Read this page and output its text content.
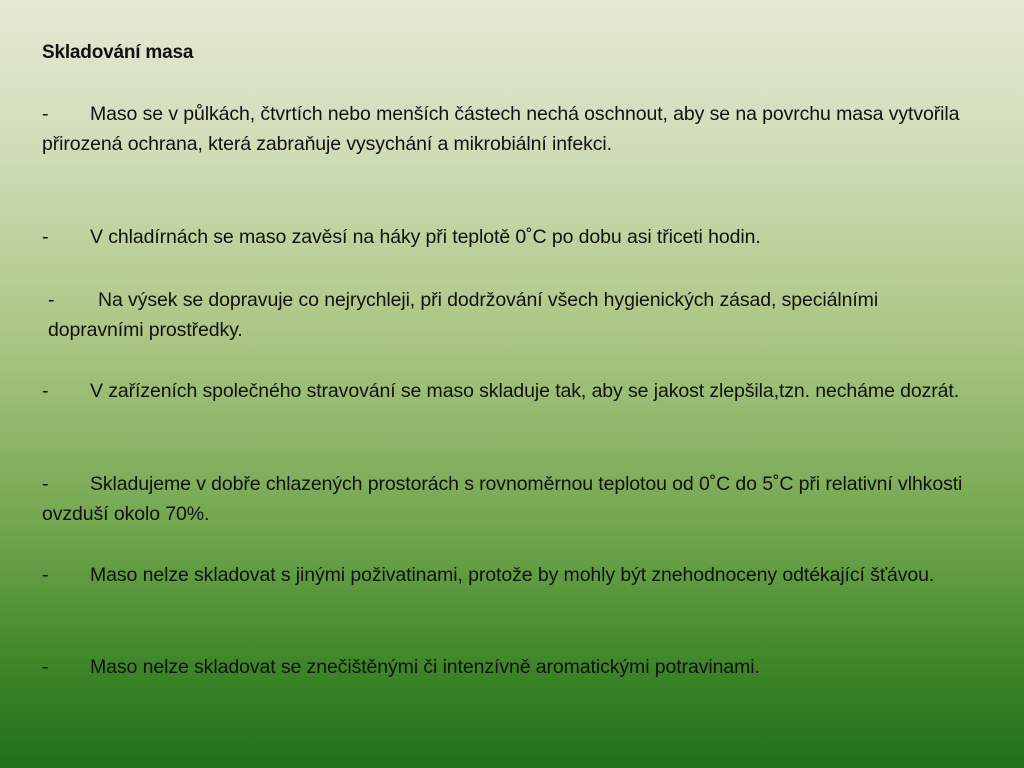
Skladování masa
- Maso se v půlkách, čtvrtích nebo menších částech nechá oschnout, aby se na povrchu masa vytvořila přirozená ochrana, která zabraňuje vysychání a mikrobiální infekci.
- V chladírnách se maso zavěsí na háky při teplotě 0˚C po dobu asi třiceti hodin.
- Na výsek se dopravuje co nejrychleji, při dodržování všech hygienických zásad, speciálními dopravními prostředky.
- V zařízeních společného stravování se maso skladuje tak, aby se jakost zlepšila,tzn. necháme dozrát.
- Skladujeme v dobře chlazených prostorách s rovnoměrnou teplotou od 0˚C do 5˚C při relativní vlhkosti ovzduší okolo 70%.
- Maso nelze skladovat s jinými poživatinami, protože by mohly být znehodnoceny odtékající šťávou.
- Maso nelze skladovat se znečištěnými či intenzívně aromatickými potravinami.
